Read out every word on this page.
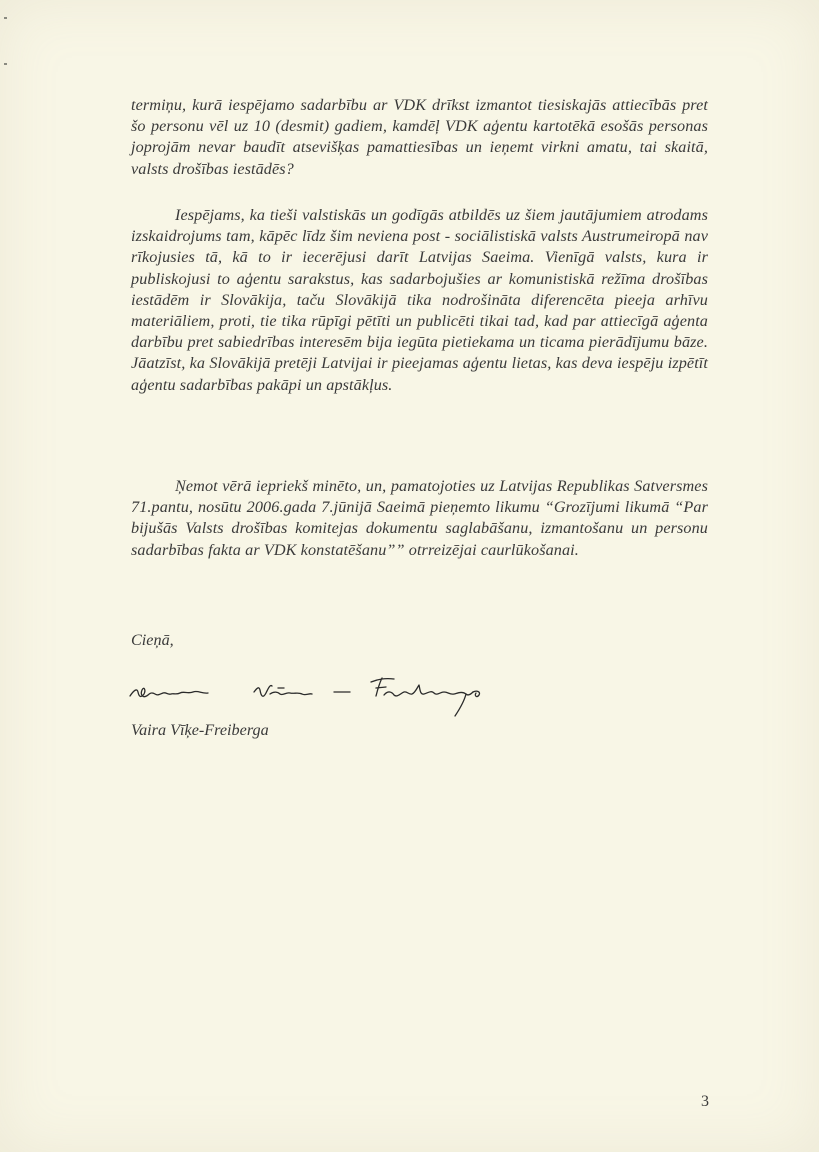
termiņu, kurā iespējamo sadarbību ar VDK drīkst izmantot tiesiskajās attiecībās pret šo personu vēl uz 10 (desmit) gadiem, kamdēļ VDK aģentu kartotēkā esošās personas joprojām nevar baudīt atsevišķas pamattiesības un ieņemt virkni amatu, tai skaitā, valsts drošības iestādēs?

Iespējams, ka tieši valstiskās un godīgās atbildēs uz šiem jautājumiem atrodams izskaidrojums tam, kāpēc līdz šim neviena post - sociālistiskā valsts Austrumeiropā nav rīkojusies tā, kā to ir iecerējusi darīt Latvijas Saeima. Vienīgā valsts, kura ir publiskojusi to aģentu sarakstus, kas sadarbojušies ar komunistiskā režīma drošības iestādēm ir Slovākija, taču Slovākijā tika nodrošināta diferencēta pieeja arhīvu materiāliem, proti, tie tika rūpīgi pētīti un publicēti tikai tad, kad par attiecīgā aģenta darbību pret sabiedrības interesēm bija iegūta pietiekama un ticama pierādījumu bāze. Jāatzīst, ka Slovākijā pretēji Latvijai ir pieejamas aģentu lietas, kas deva iespēju izpētīt aģentu sadarbības pakāpi un apstākļus.

Ņemot vērā iepriekš minēto, un, pamatojoties uz Latvijas Republikas Satversmes 71.pantu, nosūtu 2006.gada 7.jūnijā Saeimā pieņemto likumu “Grozījumi likumā “Par bijušās Valsts drošības komitejas dokumentu saglabāšanu, izmantošanu un personu sadarbības fakta ar VDK konstatēšanu”” otrreizējai caurlūkošanai.

Cieņā,
Vaira Vīķe-Freiberga
3
